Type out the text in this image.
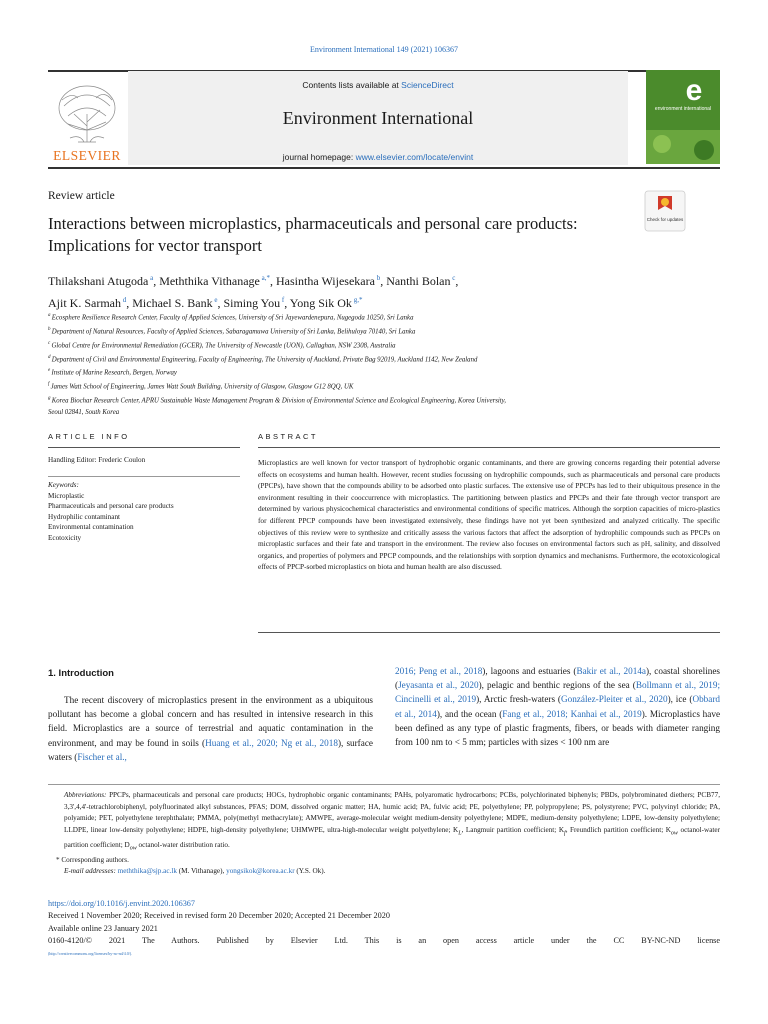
Environment International 149 (2021) 106367
ELSEVIER
Contents lists available at ScienceDirect
Environment International
journal homepage: www.elsevier.com/locate/envint
e
environment international
Review article
Interactions between microplastics, pharmaceuticals and personal care products: Implications for vector transport
Check for updates
Thilakshani Atugoda $^a$, Meththika Vithanage $^{a,*}$, Hasintha Wijesekara $^b$, Nanthi Bolan $^c$,
Ajit K. Sarmah $^d$, Michael S. Bank $^e$, Siming You $^f$, Yong Sik Ok $^{g,*}$
$^a$ Ecosphere Resilience Research Center, Faculty of Applied Sciences, University of Sri Jayewardenepura, Nugegoda 10250, Sri Lanka
$^b$ Department of Natural Resources, Faculty of Applied Sciences, Sabaragamuwa University of Sri Lanka, Belihuloya 70140, Sri Lanka
$^c$ Global Centre for Environmental Remediation (GCER), The University of Newcastle (UON), Callaghan, NSW 2308, Australia
$^d$ Department of Civil and Environmental Engineering, Faculty of Engineering, The University of Auckland, Private Bag 92019, Auckland 1142, New Zealand
$^e$ Institute of Marine Research, Bergen, Norway
$^f$ James Watt School of Engineering, James Watt South Building, University of Glasgow, Glasgow G12 8QQ, UK
$^g$ Korea Biochar Research Center, APRU Sustainable Waste Management Program & Division of Environmental Science and Ecological Engineering, Korea University,
Seoul 02841, South Korea
ARTICLE INFO	ABSTRACT
Handling Editor: Frederic Coulon
Keywords:
Microplastic
Pharmaceuticals and personal care products
Hydrophilic contaminant
Environmental contamination
Ecotoxicity
Microplastics are well known for vector transport of hydrophobic organic contaminants, and there are growing concerns regarding their potential adverse effects on ecosystems and human health. However, recent studies focussing on hydrophilic compounds, such as pharmaceuticals and personal care products (PPCPs), have shown that the compounds ability to be adsorbed onto plastic surfaces. The extensive use of PPCPs has led to their ubiquitous presence in the environment resulting in their cooccurrence with microplastics. The partitioning between plastics and PPCPs and their fate through vector transport are determined by various physicochemical characteristics and environmental conditions of specific matrices. Although the sorption capacities of micro-plastics for different PPCP compounds have been investigated extensively, these findings have not yet been synthesized and analyzed critically. The specific objectives of this review were to synthesize and critically assess the various factors that affect the adsorption of hydrophilic compounds such as PPCPs on microplastic surfaces and their fate and transport in the environment. The review also focuses on environmental factors such as pH, salinity, and dissolved organics, and properties of polymers and PPCP compounds, and the relationships with sorption dynamics and mechanisms. Furthermore, the ecotoxicological effects of PPCP-sorbed microplastics on biota and human health are also discussed.
1. Introduction
The recent discovery of microplastics present in the environment as a ubiquitous pollutant has become a global concern and has resulted in intensive research in this field. Microplastics are a source of terrestrial and aquatic contamination in the environment, and may be found in soils (Huang et al., 2020; Ng et al., 2018), surface waters (Fischer et al.,
2016; Peng et al., 2018), lagoons and estuaries (Bakir et al., 2014a), coastal shorelines (Jeyasanta et al., 2020), pelagic and benthic regions of the sea (Bollmann et al., 2019; Cincinelli et al., 2019), Arctic fresh-waters (González-Pleiter et al., 2020), ice (Obbard et al., 2014), and the ocean (Fang et al., 2018; Kanhai et al., 2019). Microplastics have been defined as any type of plastic fragments, fibers, or beads with diameter ranging from 100 nm to < 5 mm; particles with sizes < 100 nm are
Abbreviations: PPCPs, pharmaceuticals and personal care products; HOCs, hydrophobic organic contaminants; PAHs, polyaromatic hydrocarbons; PCBs, polychlorinated biphenyls; PBDs, polybrominated diethers; PCB77, 3,3',4,4'-tetrachlorobiphenyl, polyfluorinated alkyl substances, PFAS; DOM, dissolved organic matter; HA, humic acid; PA, fulvic acid; PE, polyethylene; PP, polypropylene; PS, polystyrene; PVC, polyvinyl chloride; PA, polyamide; PET, polyethylene terephthalate; PMMA, poly(methyl methacrylate); AMWPE, average-molecular weight medium-density polyethylene; MDPE, medium-density polyethylene; LDPE, low-density polyethylene; LLDPE, linear low-density polyethylene; HDPE, high-density polyethylene; UHMWPE, ultra-high-molecular weight polyethylene; $K_L$, Langmuir partition coefficient; $K_f$, Freundlich partition coefficient; $K_{ow}$ octanol-water partition coefficient; $D_{ow}$ octanol-water distribution ratio.
* Corresponding authors.
E-mail addresses: meththika@sjp.ac.lk (M. Vithanage), yongsikok@korea.ac.kr (Y.S. Ok).
https://doi.org/10.1016/j.envint.2020.106367
Received 1 November 2020; Received in revised form 20 December 2020; Accepted 21 December 2020
Available online 23 January 2021
0160-4120/© 2021 The Authors. Published by Elsevier Ltd. This is an open access article under the CC BY-NC-ND license
(http://creativecommons.org/licenses/by-nc-nd/4.0/).
